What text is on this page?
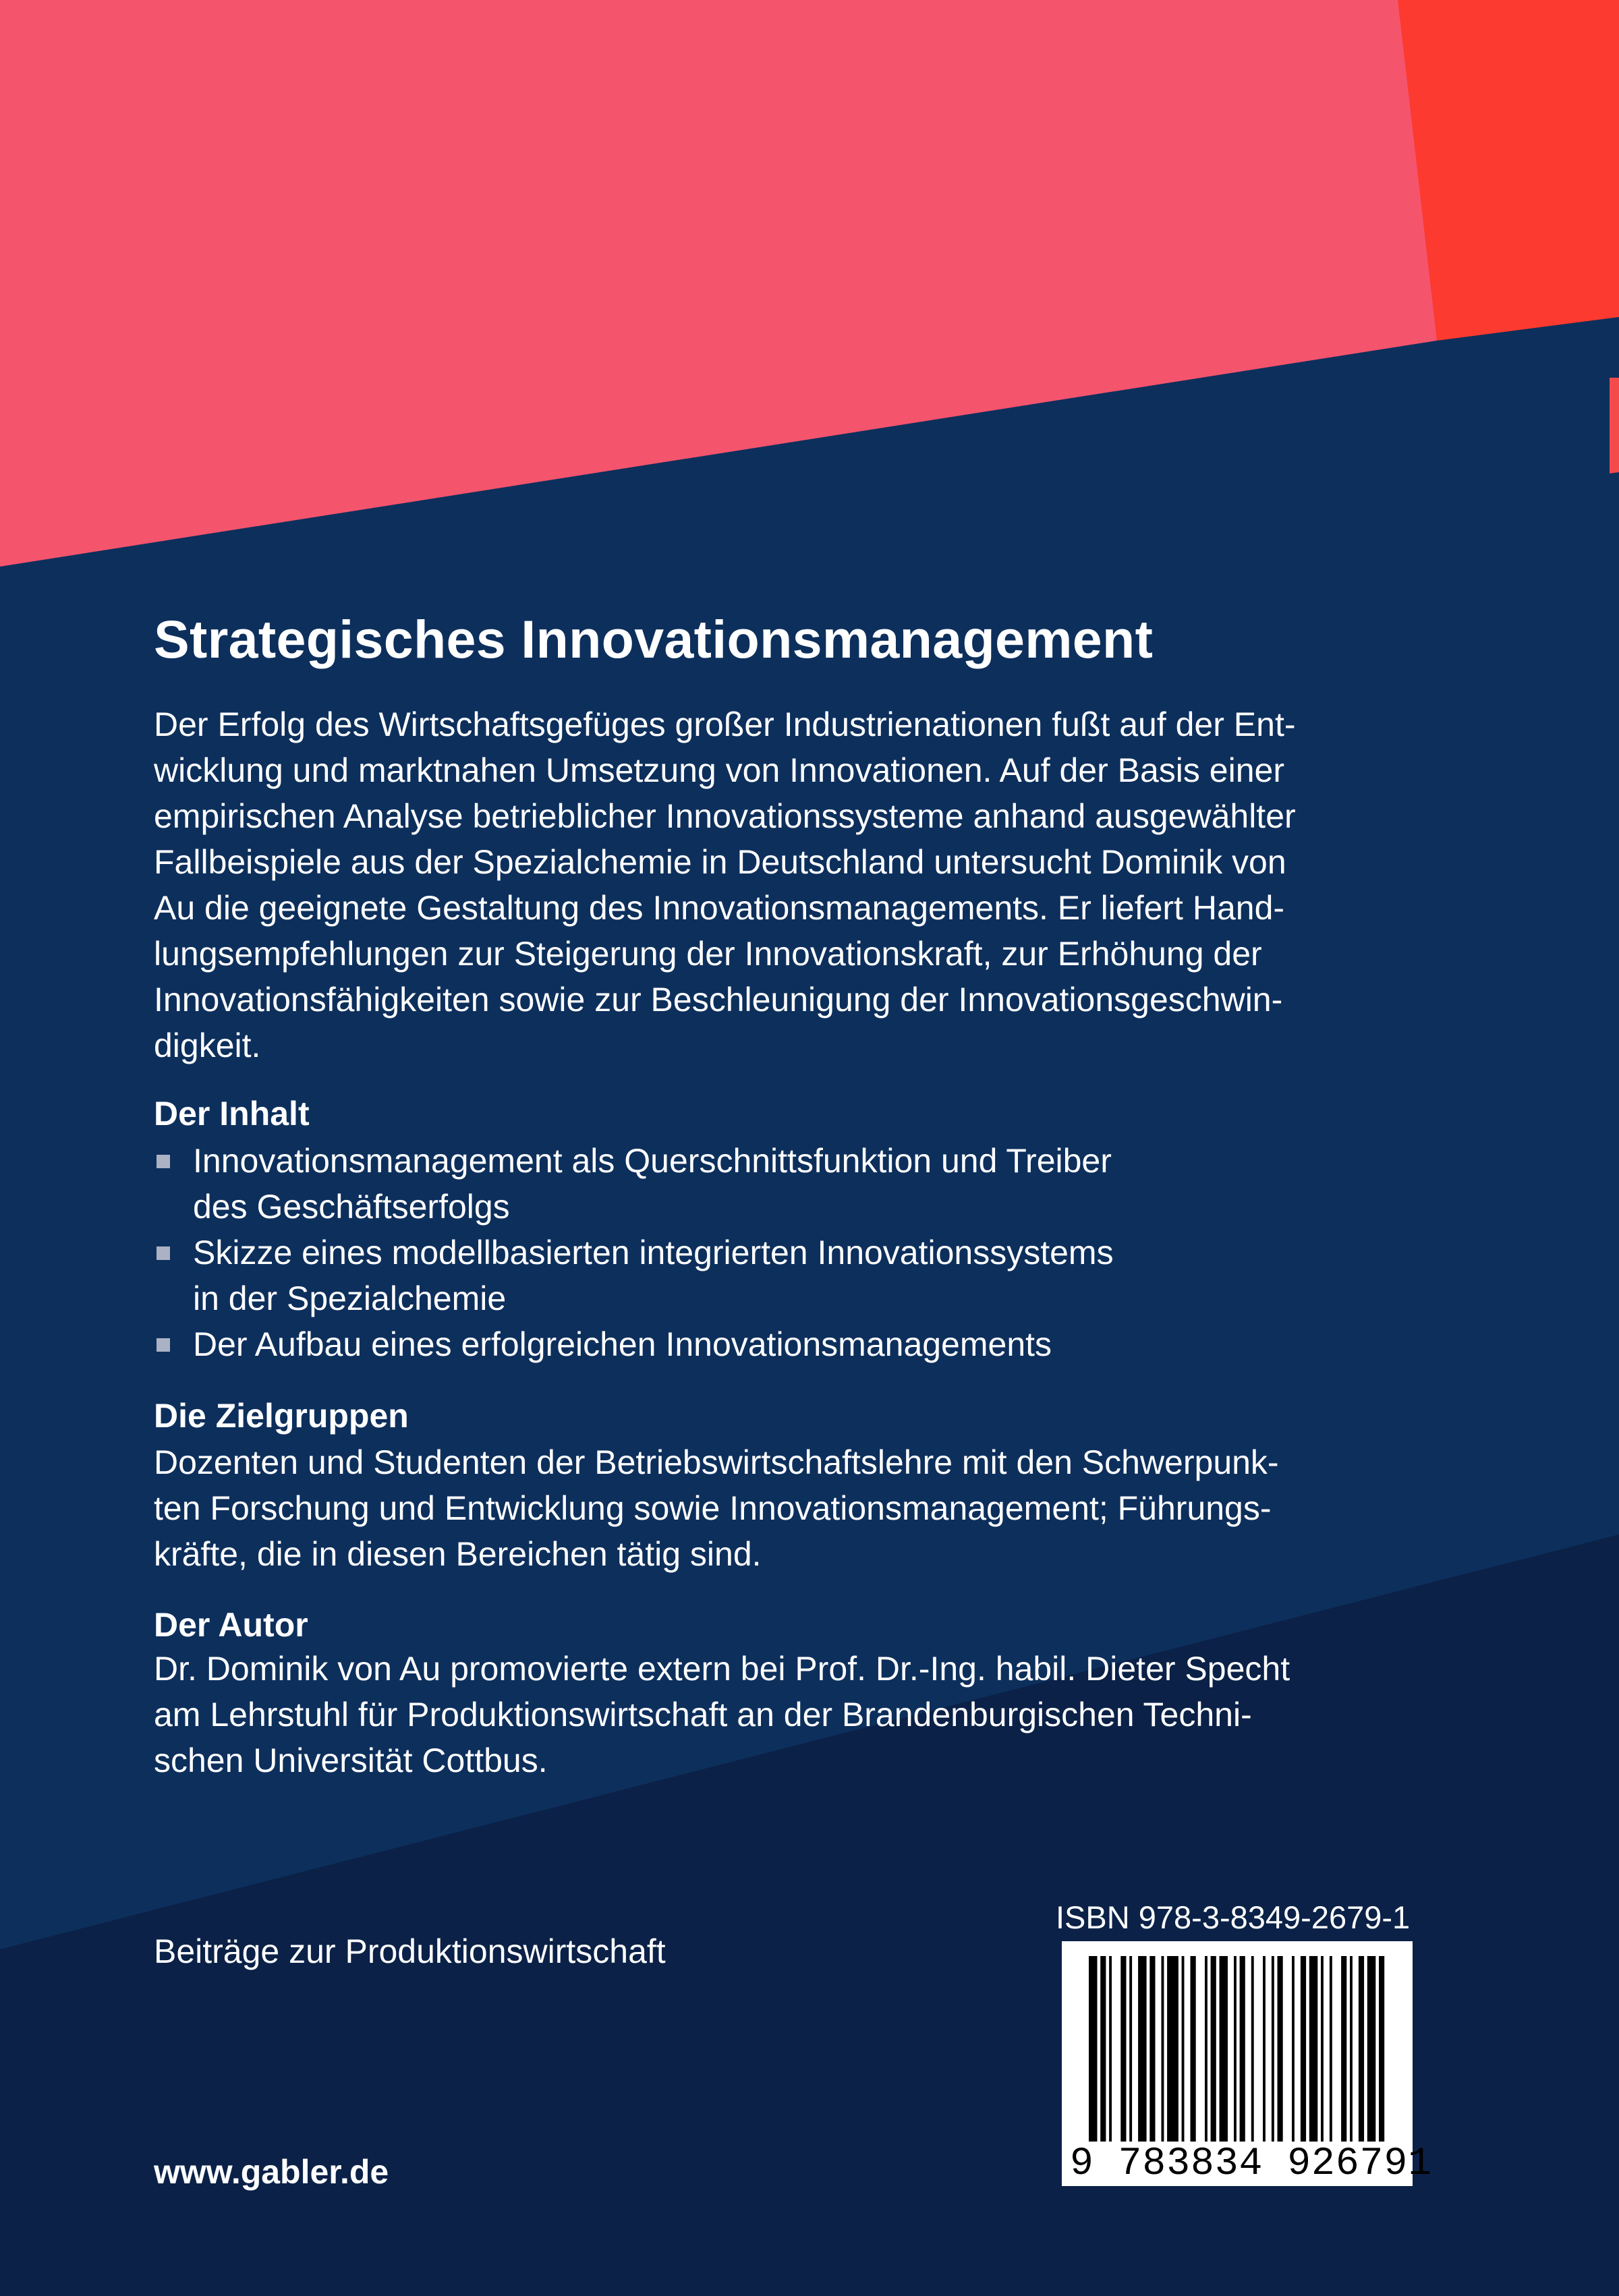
Strategisches Innovationsmanagement
Der Erfolg des Wirtschaftsgefüges großer Industrienationen fußt auf der Ent-
wicklung und marktnahen Umsetzung von Innovationen. Auf der Basis einer
empirischen Analyse betrieblicher Innovationssysteme anhand ausgewählter
Fallbeispiele aus der Spezialchemie in Deutschland untersucht Dominik von
Au die geeignete Gestaltung des Innovationsmanagements. Er liefert Hand-
lungsempfehlungen zur Steigerung der Innovationskraft, zur Erhöhung der
Innovationsfähigkeiten sowie zur Beschleunigung der Innovationsgeschwin-
digkeit.
Der Inhalt
Innovationsmanagement als Querschnittsfunktion und Treiber
des Geschäftserfolgs
Skizze eines modellbasierten integrierten Innovationssystems
in der Spezialchemie
Der Aufbau eines erfolgreichen Innovationsmanagements
Die Zielgruppen
Dozenten und Studenten der Betriebswirtschaftslehre mit den Schwerpunk-
ten Forschung und Entwicklung sowie Innovationsmanagement; Führungs-
kräfte, die in diesen Bereichen tätig sind.
Der Autor
Dr. Dominik von Au promovierte extern bei Prof. Dr.-Ing. habil. Dieter Specht
am Lehrstuhl für Produktionswirtschaft an der Brandenburgischen Techni-
schen Universität Cottbus.
Beiträge zur Produktionswirtschaft
www.gabler.de
ISBN 978-3-8349-2679-1
9 783834 926791
